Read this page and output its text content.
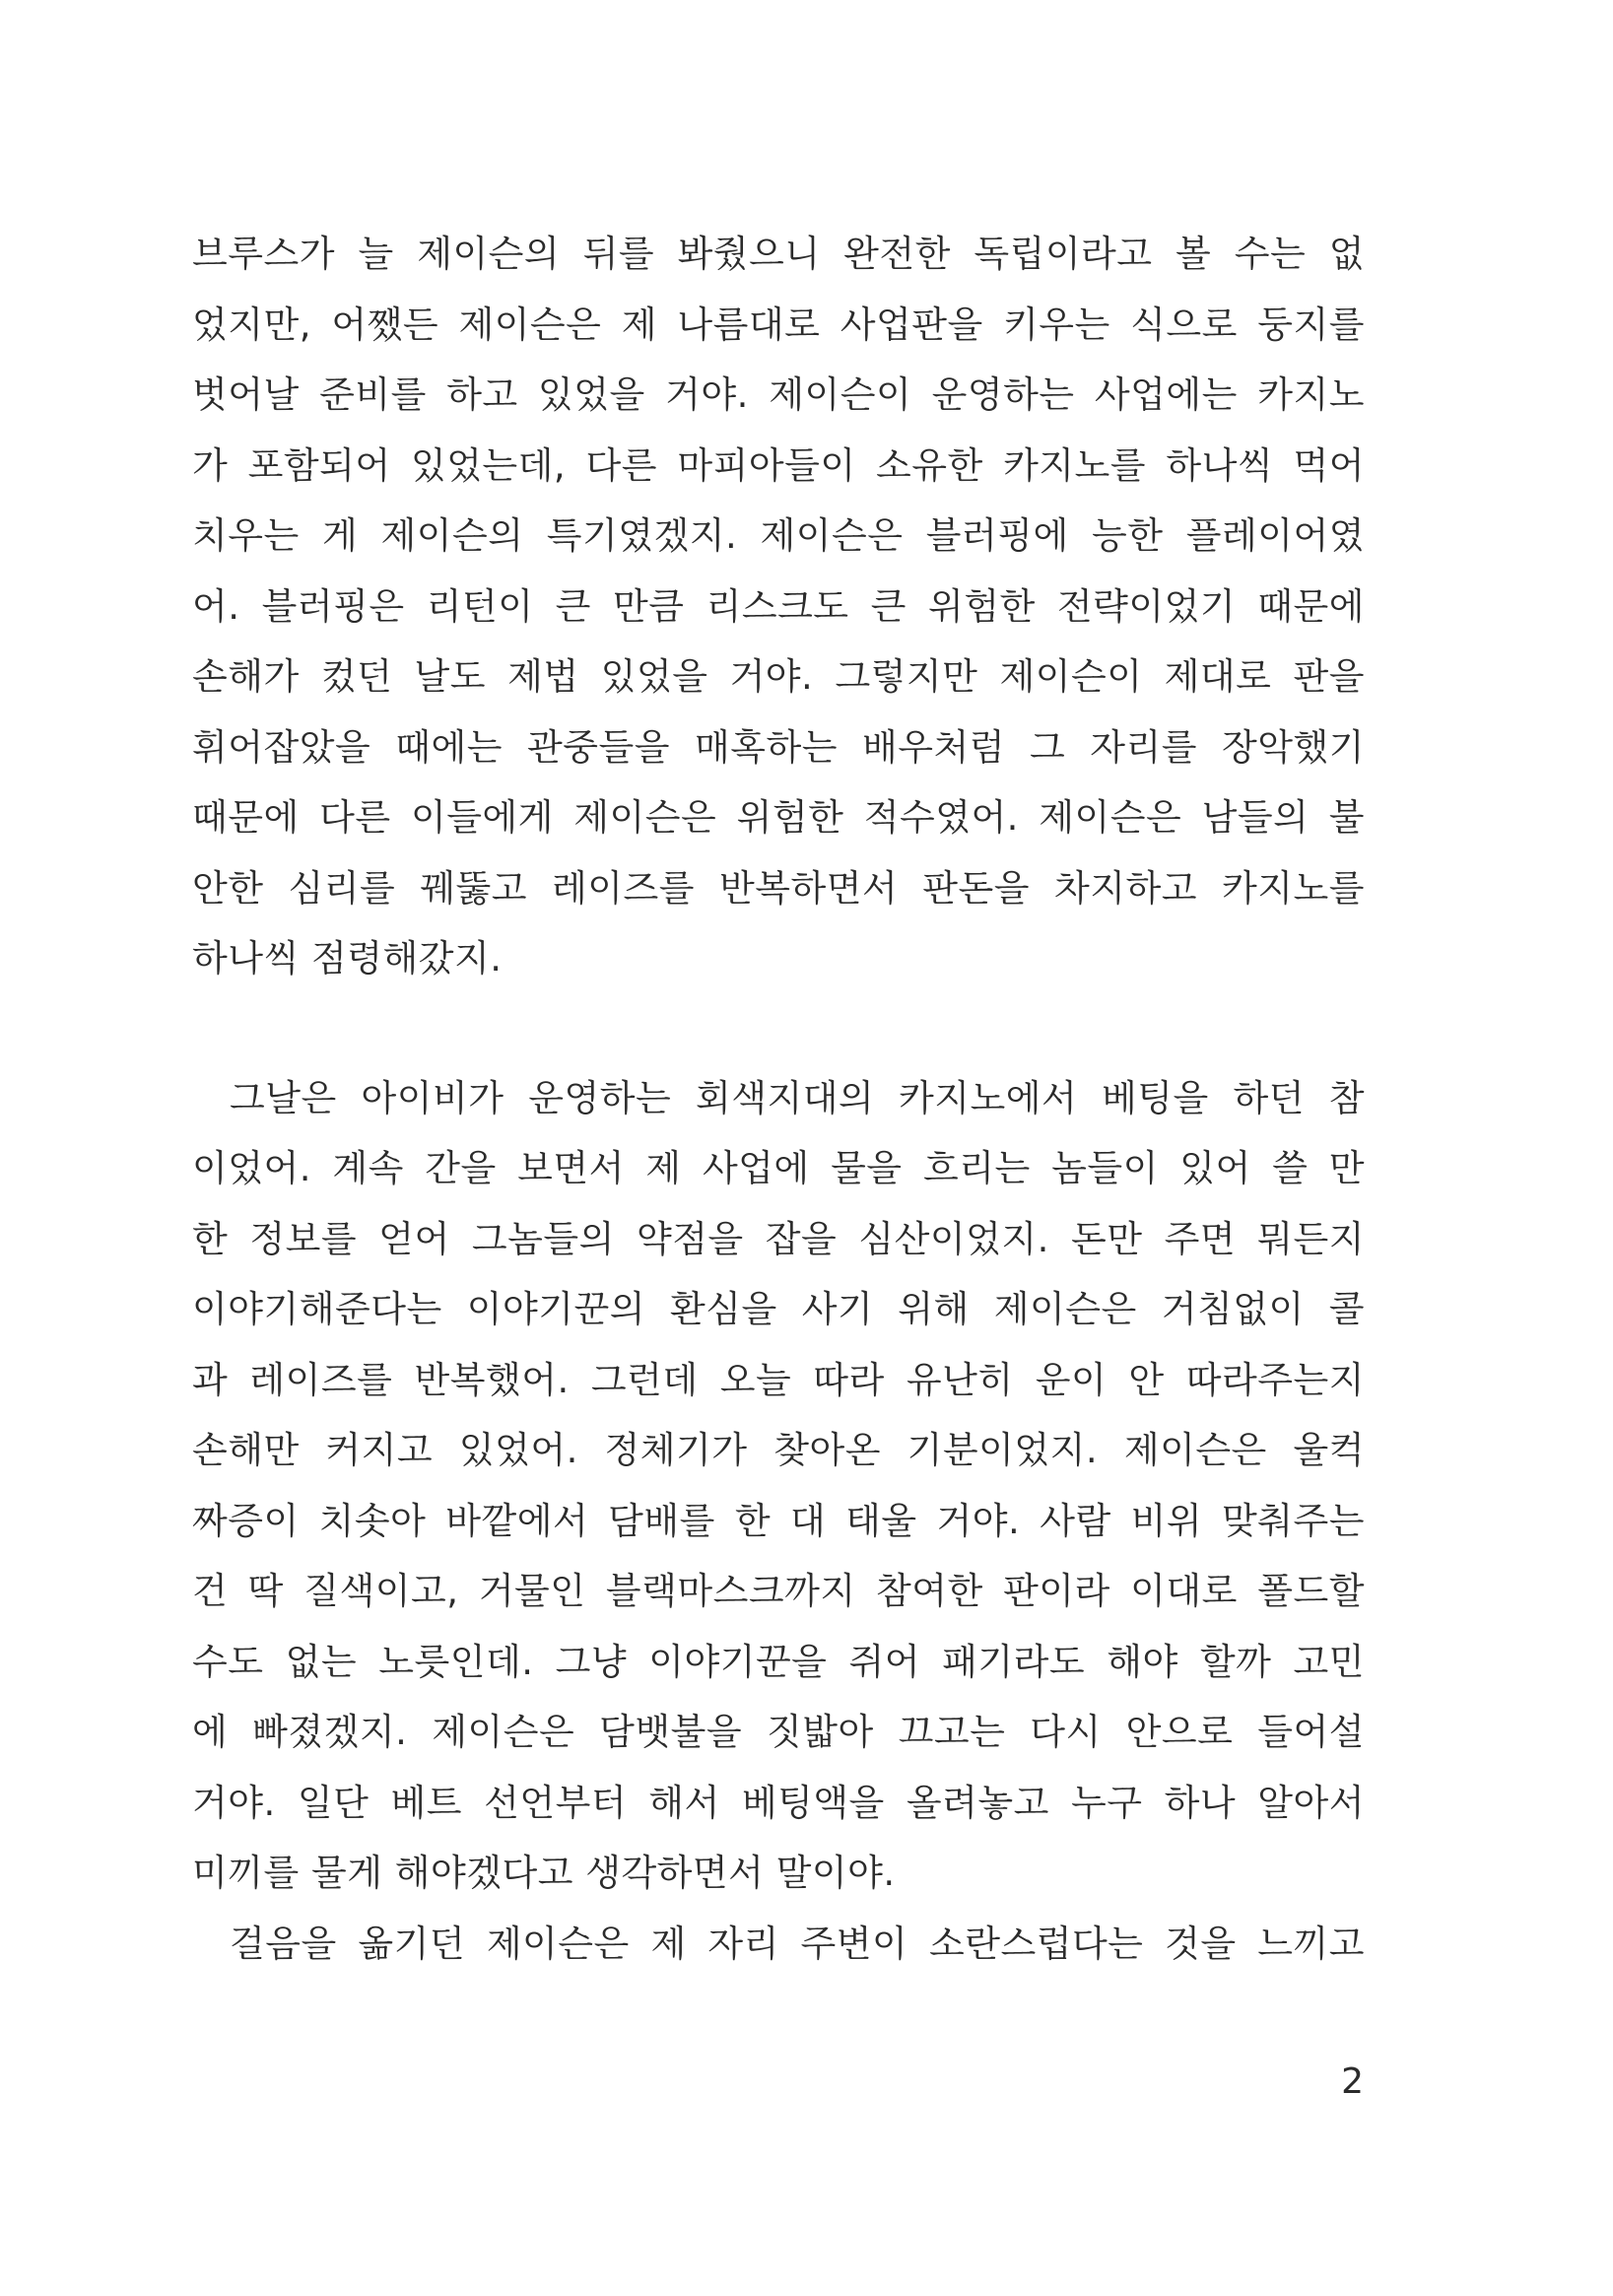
브루스가 늘 제이슨의 뒤를 봐줬으니 완전한 독립이라고 볼 수는 없
었지만, 어쨌든 제이슨은 제 나름대로 사업판을 키우는 식으로 둥지를
벗어날 준비를 하고 있었을 거야. 제이슨이 운영하는 사업에는 카지노
가 포함되어 있었는데, 다른 마피아들이 소유한 카지노를 하나씩 먹어
치우는 게 제이슨의 특기였겠지. 제이슨은 블러핑에 능한 플레이어였
어. 블러핑은 리턴이 큰 만큼 리스크도 큰 위험한 전략이었기 때문에
손해가 컸던 날도 제법 있었을 거야. 그렇지만 제이슨이 제대로 판을
휘어잡았을 때에는 관중들을 매혹하는 배우처럼 그 자리를 장악했기
때문에 다른 이들에게 제이슨은 위험한 적수였어. 제이슨은 남들의 불
안한 심리를 꿰뚫고 레이즈를 반복하면서 판돈을 차지하고 카지노를
하나씩 점령해갔지.
그날은 아이비가 운영하는 회색지대의 카지노에서 베팅을 하던 참
이었어. 계속 간을 보면서 제 사업에 물을 흐리는 놈들이 있어 쓸 만
한 정보를 얻어 그놈들의 약점을 잡을 심산이었지. 돈만 주면 뭐든지
이야기해준다는 이야기꾼의 환심을 사기 위해 제이슨은 거침없이 콜
과 레이즈를 반복했어. 그런데 오늘 따라 유난히 운이 안 따라주는지
손해만 커지고 있었어. 정체기가 찾아온 기분이었지. 제이슨은 울컥
짜증이 치솟아 바깥에서 담배를 한 대 태울 거야. 사람 비위 맞춰주는
건 딱 질색이고, 거물인 블랙마스크까지 참여한 판이라 이대로 폴드할
수도 없는 노릇인데. 그냥 이야기꾼을 쥐어 패기라도 해야 할까 고민
에 빠졌겠지. 제이슨은 담뱃불을 짓밟아 끄고는 다시 안으로 들어설
거야. 일단 베트 선언부터 해서 베팅액을 올려놓고 누구 하나 알아서
미끼를 물게 해야겠다고 생각하면서 말이야.
걸음을 옮기던 제이슨은 제 자리 주변이 소란스럽다는 것을 느끼고
2
